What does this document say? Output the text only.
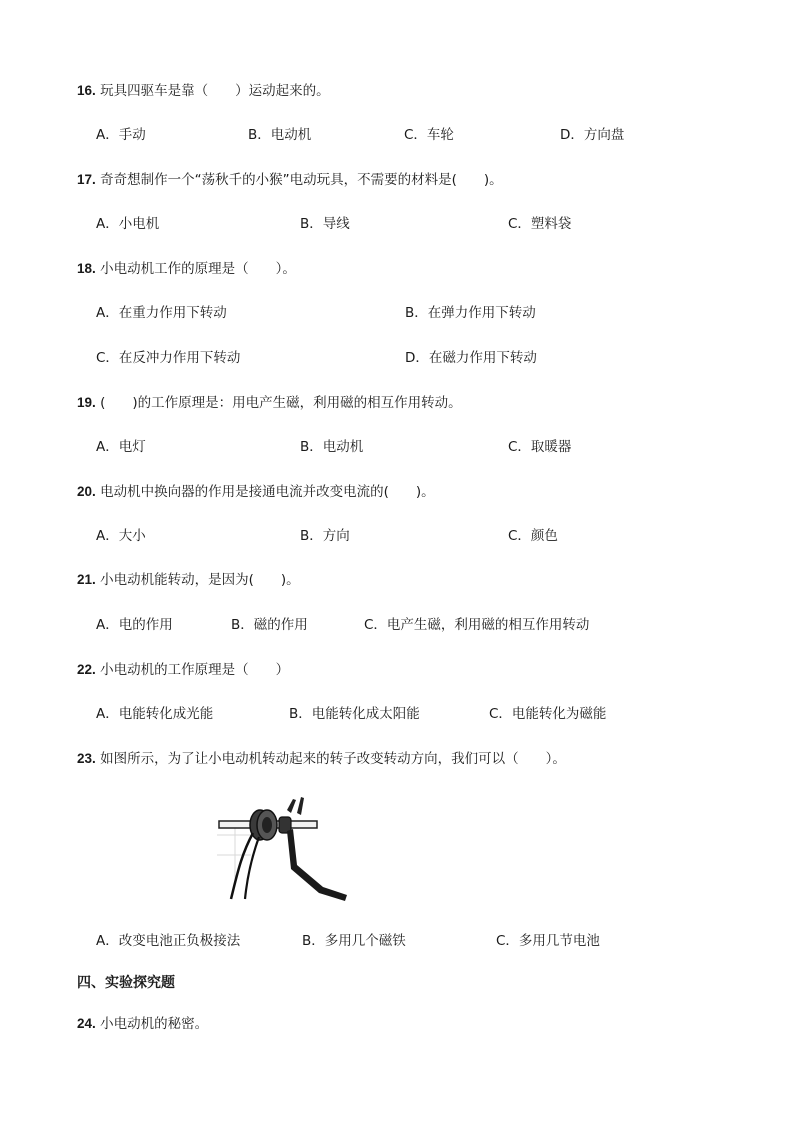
16. 玩具四驱车是靠（　　）运动起来的。
A．手动	B．电动机	C．车轮	D．方向盘
17. 奇奇想制作一个“荡秋千的小猴”电动玩具，不需要的材料是(　　)。
A．小电机	B．导线	C．塑料袋
18. 小电动机工作的原理是（　　）。
A．在重力作用下转动	B．在弹力作用下转动
C．在反冲力作用下转动	D．在磁力作用下转动
19. (　　)的工作原理是：用电产生磁，利用磁的相互作用转动。
A．电灯	B．电动机	C．取暖器
20. 电动机中换向器的作用是接通电流并改变电流的(　　)。
A．大小	B．方向	C．颜色
21. 小电动机能转动，是因为(　　)。
A．电的作用	B．磁的作用	C．电产生磁，利用磁的相互作用转动
22. 小电动机的工作原理是（　　）
A．电能转化成光能	B．电能转化成太阳能	C．电能转化为磁能
23. 如图所示，为了让小电动机转动起来的转子改变转动方向，我们可以（　　）。
A．改变电池正负极接法	B．多用几个磁铁	C．多用几节电池
四、实验探究题
24. 小电动机的秘密。
